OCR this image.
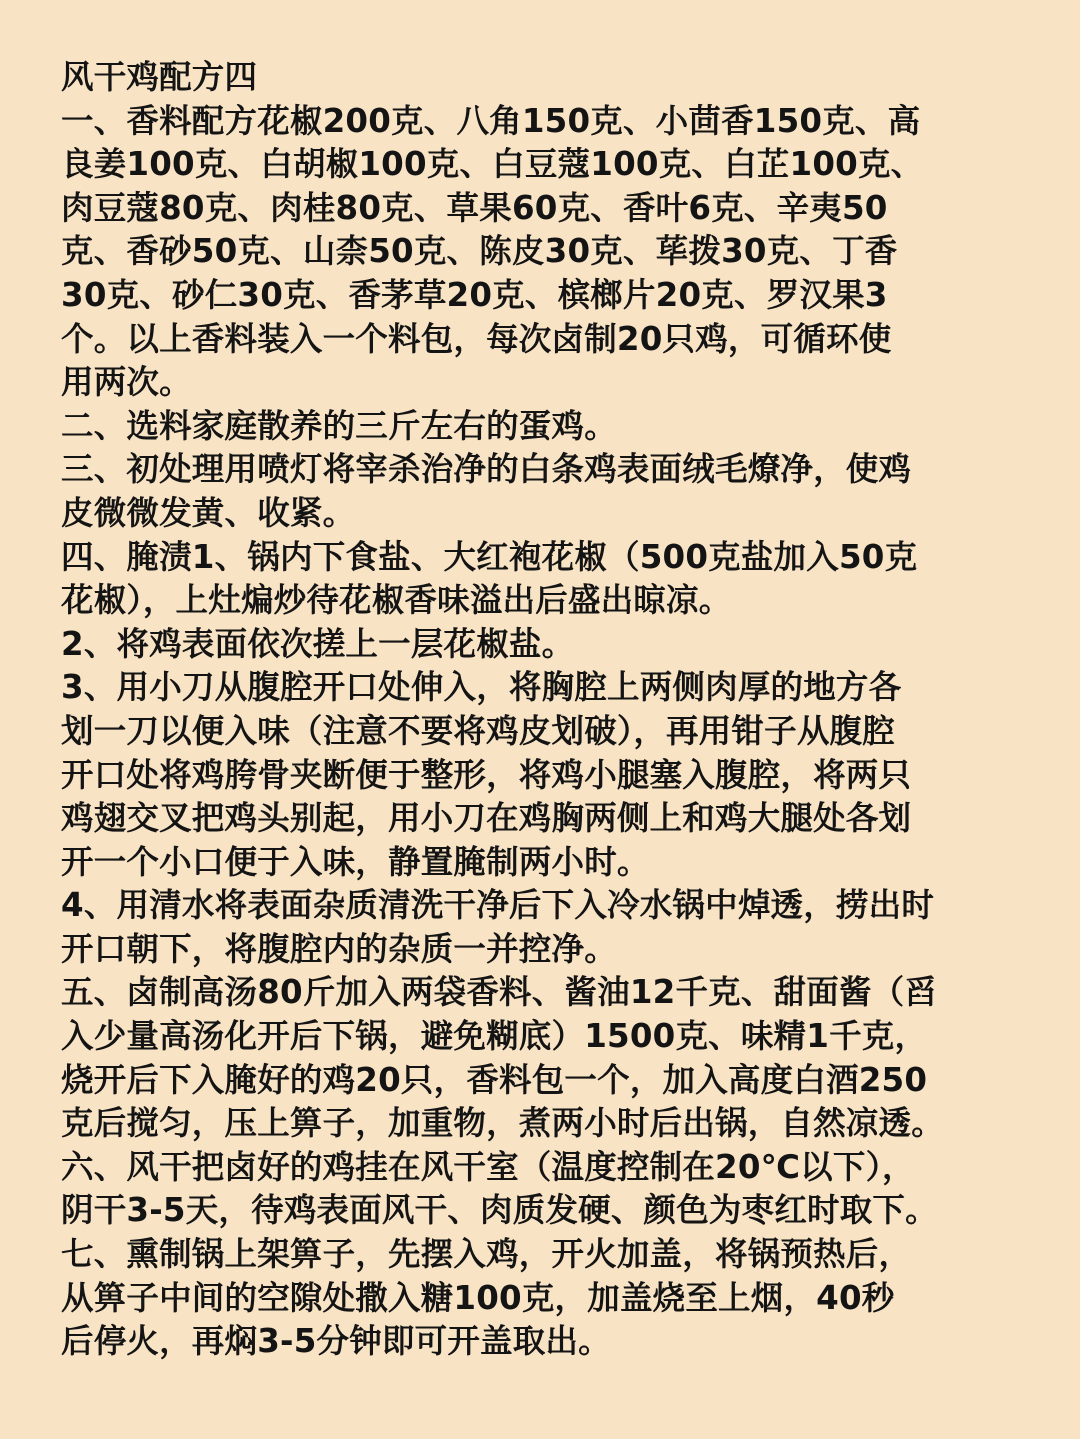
风干鸡配方四
一、香料配方花椒200克、八角150克、小茴香150克、高
良姜100克、白胡椒100克、白豆蔻100克、白芷100克、
肉豆蔻80克、肉桂80克、草果60克、香叶6克、辛夷50
克、香砂50克、山柰50克、陈皮30克、荜拨30克、丁香
30克、砂仁30克、香茅草20克、槟榔片20克、罗汉果3
个。以上香料装入一个料包，每次卤制20只鸡，可循环使
用两次。
二、选料家庭散养的三斤左右的蛋鸡。
三、初处理用喷灯将宰杀治净的白条鸡表面绒毛燎净，使鸡
皮微微发黄、收紧。
四、腌渍1、锅内下食盐、大红袍花椒（500克盐加入50克
花椒），上灶煸炒待花椒香味溢出后盛出晾凉。
2、将鸡表面依次搓上一层花椒盐。
3、用小刀从腹腔开口处伸入，将胸腔上两侧肉厚的地方各
划一刀以便入味（注意不要将鸡皮划破），再用钳子从腹腔
开口处将鸡胯骨夹断便于整形，将鸡小腿塞入腹腔，将两只
鸡翅交叉把鸡头别起，用小刀在鸡胸两侧上和鸡大腿处各划
开一个小口便于入味，静置腌制两小时。
4、用清水将表面杂质清洗干净后下入冷水锅中焯透，捞出时
开口朝下，将腹腔内的杂质一并控净。
五、卤制高汤80斤加入两袋香料、酱油12千克、甜面酱（舀
入少量高汤化开后下锅，避免糊底）1500克、味精1千克，
烧开后下入腌好的鸡20只，香料包一个，加入高度白酒250
克后搅匀，压上箅子，加重物，煮两小时后出锅，自然凉透。
六、风干把卤好的鸡挂在风干室（温度控制在20℃以下），
阴干3-5天，待鸡表面风干、肉质发硬、颜色为枣红时取下。
七、熏制锅上架箅子，先摆入鸡，开火加盖，将锅预热后，
从箅子中间的空隙处撒入糖100克，加盖烧至上烟，40秒
后停火，再焖3-5分钟即可开盖取出。
